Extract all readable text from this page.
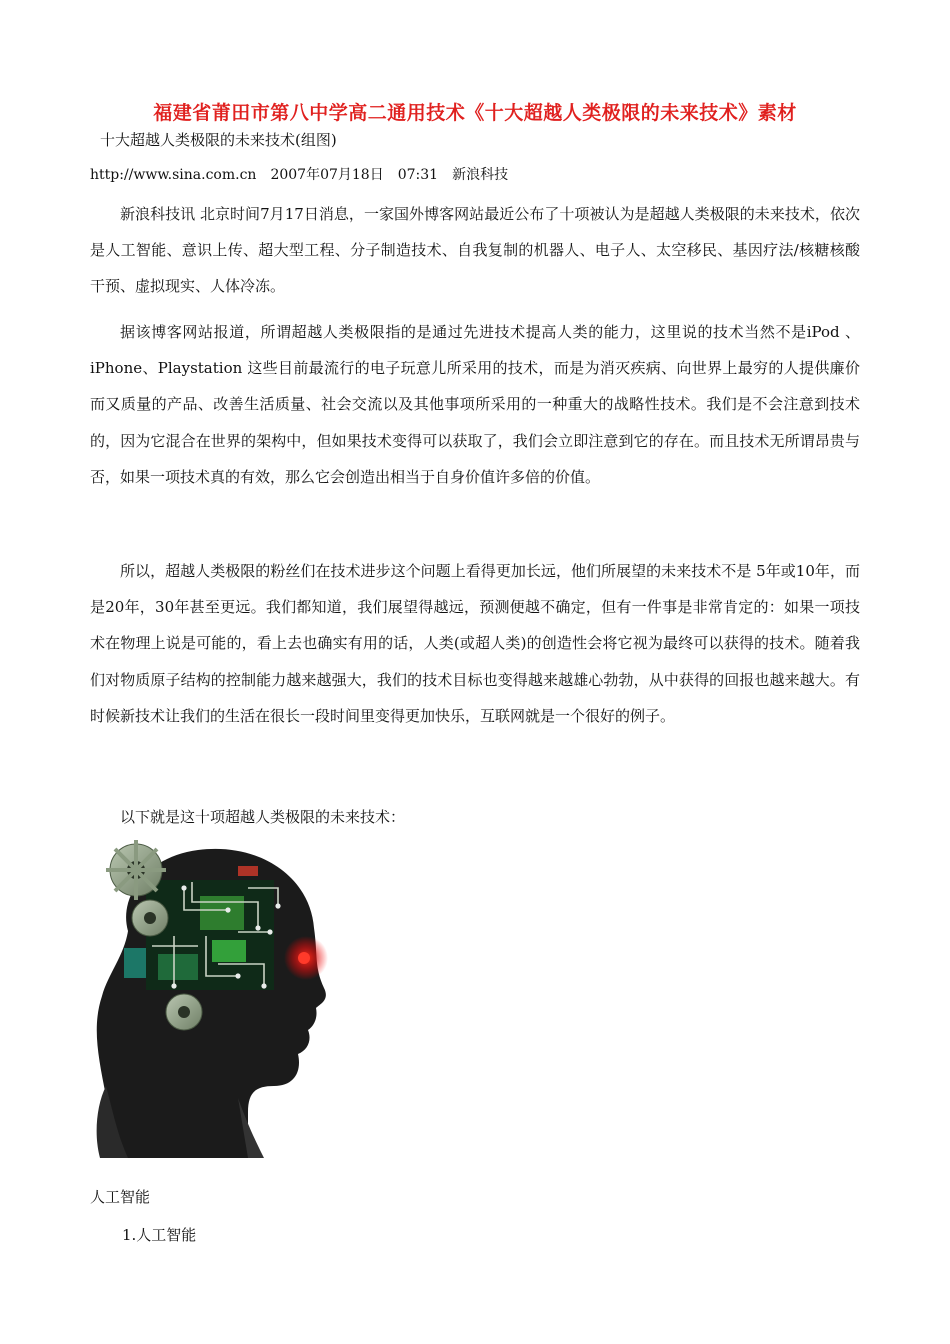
福建省莆田市第八中学高二通用技术《十大超越人类极限的未来技术》素材
十大超越人类极限的未来技术(组图)
http://www.sina.com.cn 2007年07月18日 07:31 新浪科技
新浪科技讯 北京时间7月17日消息，一家国外博客网站最近公布了十项被认为是超越人类极限的未来技术，依次是人工智能、意识上传、超大型工程、分子制造技术、自我复制的机器人、电子人、太空移民、基因疗法/核糖核酸干预、虚拟现实、人体冷冻。
据该博客网站报道，所谓超越人类极限指的是通过先进技术提高人类的能力，这里说的技术当然不是iPod 、iPhone、Playstation 这些目前最流行的电子玩意儿所采用的技术，而是为消灭疾病、向世界上最穷的人提供廉价而又质量的产品、改善生活质量、社会交流以及其他事项所采用的一种重大的战略性技术。我们是不会注意到技术的，因为它混合在世界的架构中，但如果技术变得可以获取了，我们会立即注意到它的存在。而且技术无所谓昂贵与否，如果一项技术真的有效，那么它会创造出相当于自身价值许多倍的价值。
所以，超越人类极限的粉丝们在技术进步这个问题上看得更加长远，他们所展望的未来技术不是 5年或10年，而是20年，30年甚至更远。我们都知道，我们展望得越远，预测便越不确定，但有一件事是非常肯定的：如果一项技术在物理上说是可能的，看上去也确实有用的话，人类(或超人类)的创造性会将它视为最终可以获得的技术。随着我们对物质原子结构的控制能力越来越强大，我们的技术目标也变得越来越雄心勃勃，从中获得的回报也越来越大。有时候新技术让我们的生活在很长一段时间里变得更加快乐，互联网就是一个很好的例子。
以下就是这十项超越人类极限的未来技术：
人工智能
1.人工智能
